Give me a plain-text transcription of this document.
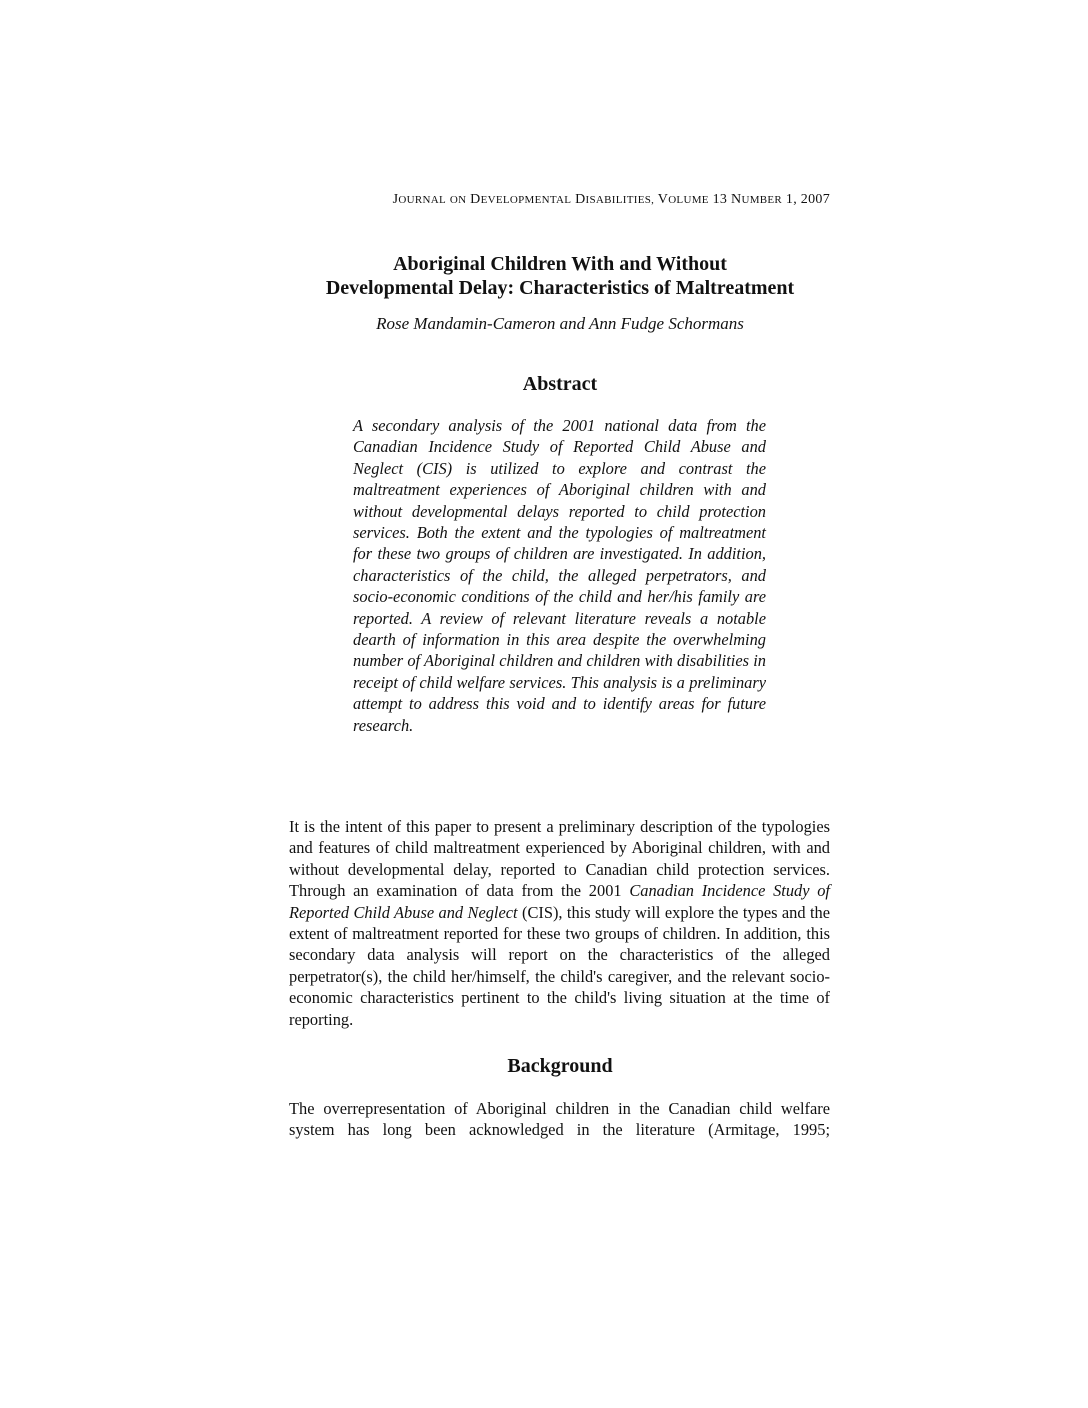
JOURNAL ON DEVELOPMENTAL DISABILITIES, VOLUME 13 NUMBER 1, 2007
Aboriginal Children With and Without
Developmental Delay: Characteristics of Maltreatment

Rose Mandamin-Cameron and Ann Fudge Schormans

Abstract

A secondary analysis of the 2001 national data from the Canadian Incidence Study of Reported Child Abuse and Neglect (CIS) is utilized to explore and contrast the maltreatment experiences of Aboriginal children with and without developmental delays reported to child protection services. Both the extent and the typologies of maltreatment for these two groups of children are investigated. In addition, characteristics of the child, the alleged perpetrators, and socio-economic conditions of the child and her/his family are reported. A review of relevant literature reveals a notable dearth of information in this area despite the overwhelming number of Aboriginal children and children with disabilities in receipt of child welfare services. This analysis is a preliminary attempt to address this void and to identify areas for future research.

It is the intent of this paper to present a preliminary description of the typologies and features of child maltreatment experienced by Aboriginal children, with and without developmental delay, reported to Canadian child protection services. Through an examination of data from the 2001 Canadian Incidence Study of Reported Child Abuse and Neglect (CIS), this study will explore the types and the extent of maltreatment reported for these two groups of children. In addition, this secondary data analysis will report on the characteristics of the alleged perpetrator(s), the child her/himself, the child's caregiver, and the relevant socio-economic characteristics pertinent to the child's living situation at the time of reporting.

Background

The overrepresentation of Aboriginal children in the Canadian child welfare system has long been acknowledged in the literature (Armitage, 1995;
